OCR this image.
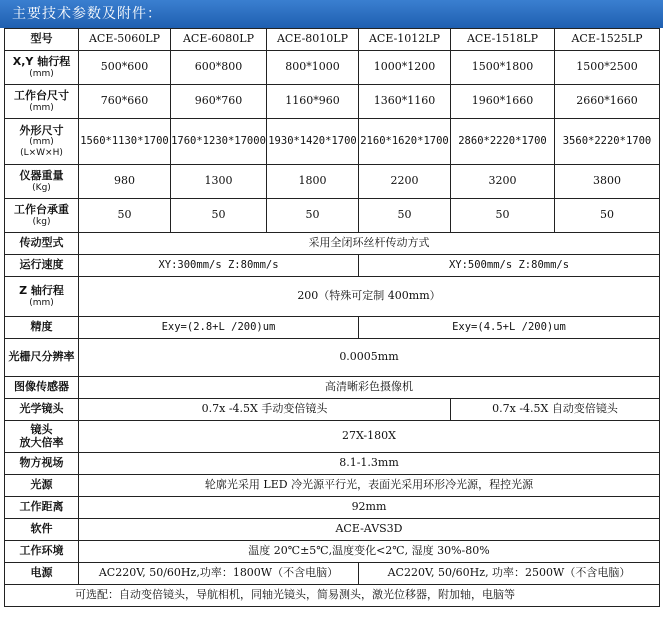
主要技术参数及附件：
型号	ACE-5060LP	ACE-6080LP	ACE-8010LP	ACE-1012LP	ACE-1518LP	ACE-1525LP
X,Y 轴行程
(mm)	500*600	600*800	800*1000	1000*1200	1500*1800	1500*2500
工作台尺寸
(mm)	760*660	960*760	1160*960	1360*1160	1960*1660	2660*1660
外形尺寸
(mm)
(L×W×H)	1560*1130*1700	1760*1230*17000	1930*1420*1700	2160*1620*1700	2860*2220*1700	3560*2220*1700
仪器重量
(Kg)	980	1300	1800	2200	3200	3800
工作台承重
(kg)	50	50	50	50	50	50
传动型式	采用全闭环丝杆传动方式					
运行速度	XY:300mm/s Z:80mm/s			XY:500mm/s Z:80mm/s		
Z 轴行程
(mm)	200（特殊可定制 400mm）					
精度	Exy=(2.8+L /200)um			Exy=(4.5+L /200)um		
光栅尺分辨率	0.0005mm					
图像传感器	高清晰彩色摄像机					
光学镜头	0.7x -4.5X 手动变倍镜头				0.7x -4.5X 自动变倍镜头	

镜头
放大倍率	27X-180X					
物方视场	8.1-1.3mm					
光源	轮廓光采用 LED 冷光源平行光，表面光采用环形冷光源，程控光源					
工作距离	92mm					
软件	ACE-AVS3D					
工作环境	温度 20℃±5℃,温度变化<2℃, 湿度 30%-80%					
电源	AC220V, 50/60Hz,功率：1800W（不含电脑）			AC220V, 50/60Hz, 功率：2500W（不含电脑）		
可选配：自动变倍镜头，导航相机，同轴光镜头，简易测头，激光位移器，附加轴，电脑等						
